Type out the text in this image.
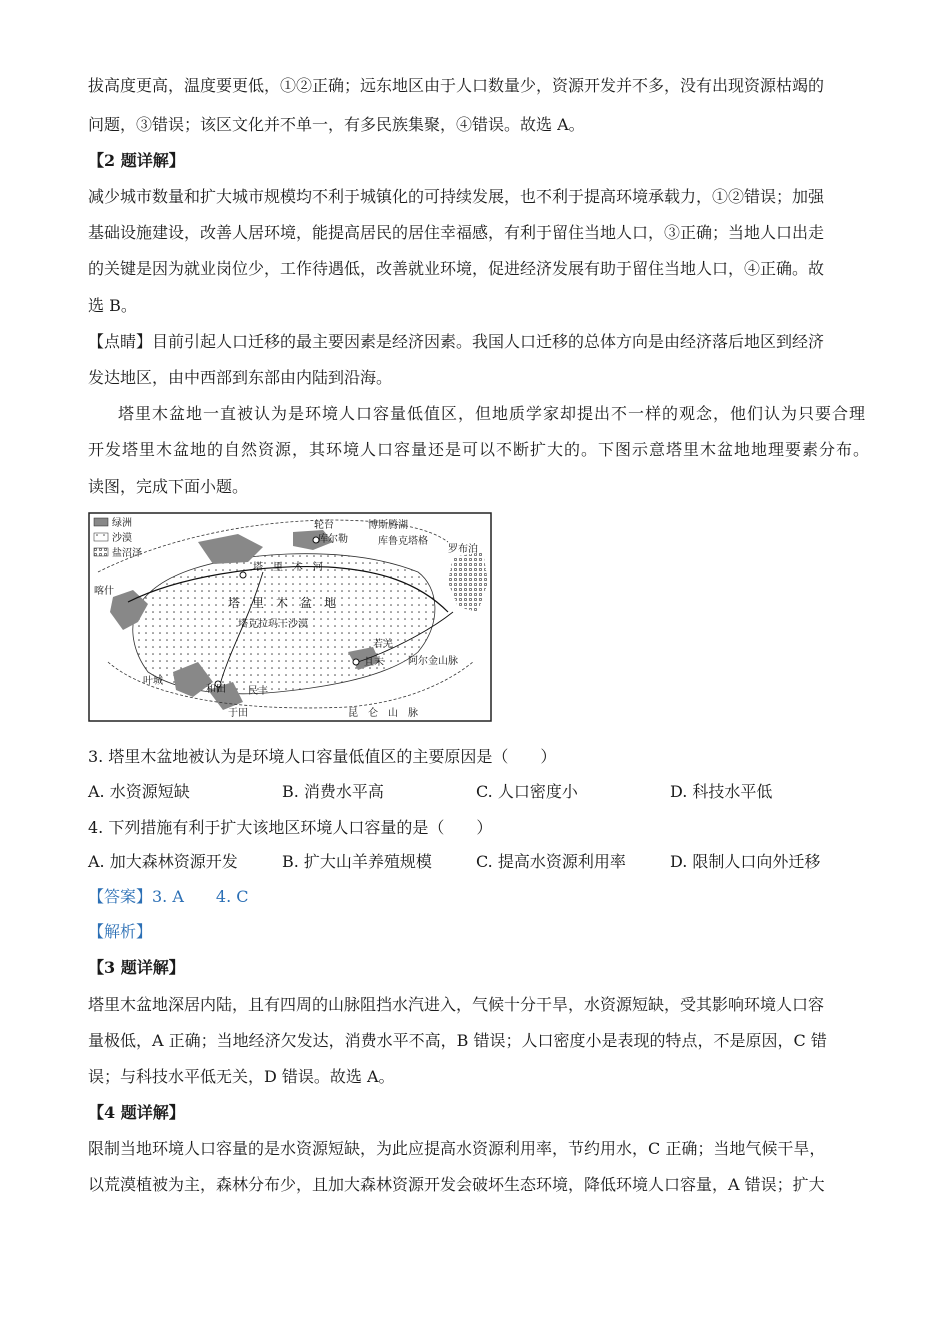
拔高度更高，温度要更低，①②正确；远东地区由于人口数量少，资源开发并不多，没有出现资源枯竭的
问题，③错误；该区文化并不单一，有多民族集聚，④错误。故选 A。
【2 题详解】
减少城市数量和扩大城市规模均不利于城镇化的可持续发展，也不利于提高环境承载力，①②错误；加强
基础设施建设，改善人居环境，能提高居民的居住幸福感，有利于留住当地人口，③正确；当地人口出走
的关键是因为就业岗位少，工作待遇低，改善就业环境，促进经济发展有助于留住当地人口，④正确。故
选 B。
【点睛】目前引起人口迁移的最主要因素是经济因素。我国人口迁移的总体方向是由经济落后地区到经济
发达地区，由中西部到东部由内陆到沿海。
塔里木盆地一直被认为是环境人口容量低值区，但地质学家却提出不一样的观念，他们认为只要合理
开发塔里木盆地的自然资源，其环境人口容量还是可以不断扩大的。下图示意塔里木盆地地理要素分布。
读图，完成下面小题。
绿洲
沙漠
盐沼泽
轮台	博斯腾湖
库尔勒	库鲁克塔格
罗布泊
喀什
塔　里　木　河
塔　里　木　盆　地
塔克拉玛干沙漠
若羌
且末 阿尔金山脉
叶城
和田 民丰
于田	昆　仑　山　脉
3. 塔里木盆地被认为是环境人口容量低值区的主要原因是（　　）
A. 水资源短缺	B. 消费水平高	C. 人口密度小	D. 科技水平低
4. 下列措施有利于扩大该地区环境人口容量的是（　　）
A. 加大森林资源开发	B. 扩大山羊养殖规模	C. 提高水资源利用率	D. 限制人口向外迁移
【答案】3. A　　4. C
【解析】
【3 题详解】
塔里木盆地深居内陆，且有四周的山脉阻挡水汽进入，气候十分干旱，水资源短缺，受其影响环境人口容
量极低，A 正确；当地经济欠发达，消费水平不高，B 错误；人口密度小是表现的特点，不是原因，C 错
误；与科技水平低无关，D 错误。故选 A。
【4 题详解】
限制当地环境人口容量的是水资源短缺，为此应提高水资源利用率，节约用水，C 正确；当地气候干旱，
以荒漠植被为主，森林分布少，且加大森林资源开发会破坏生态环境，降低环境人口容量，A 错误；扩大
